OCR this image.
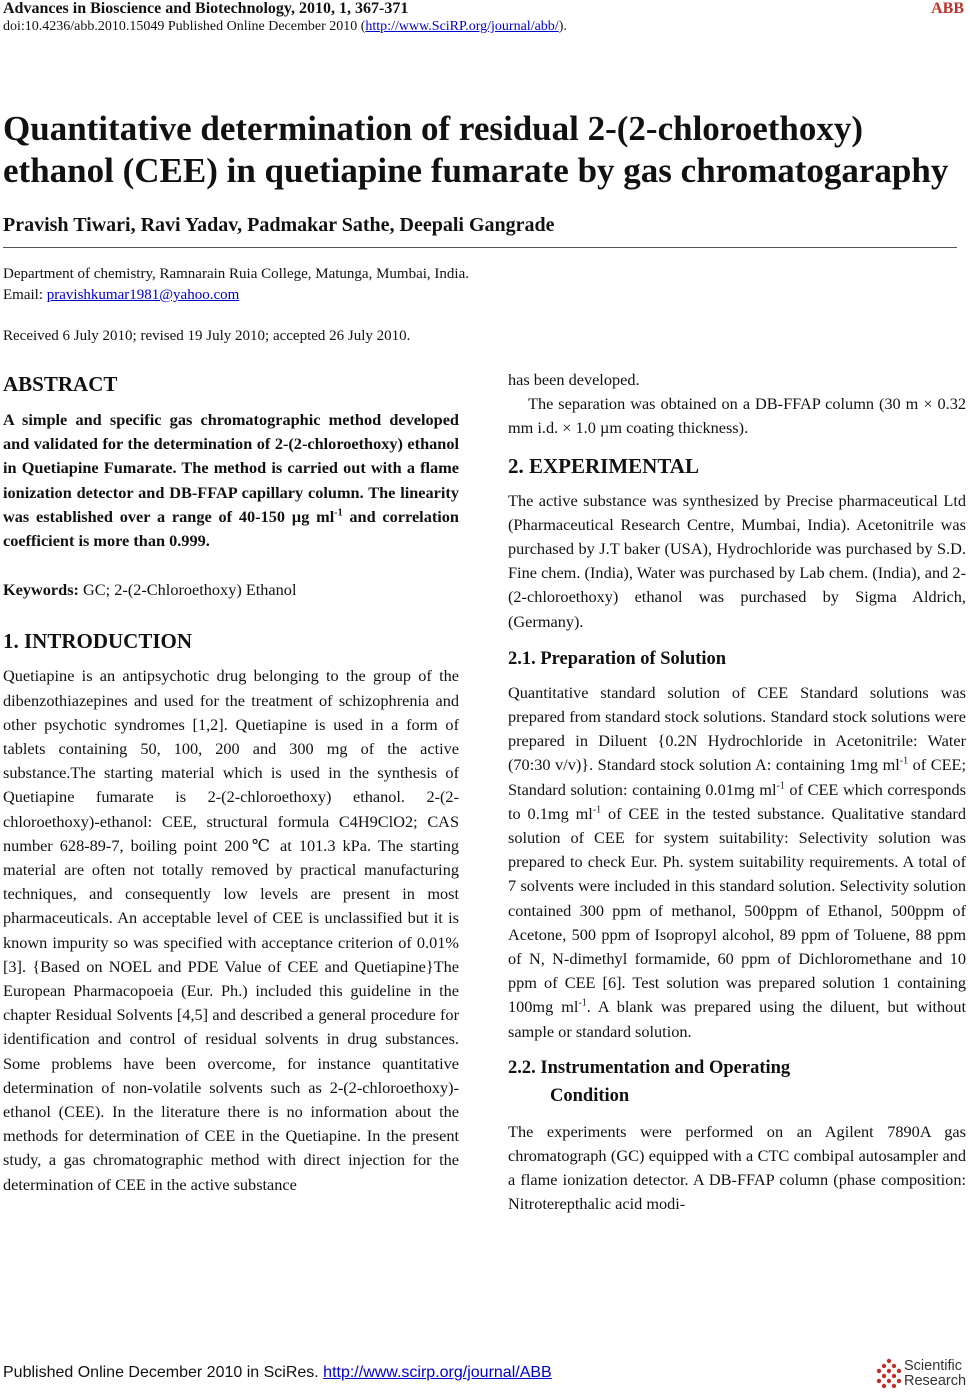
Advances in Bioscience and Biotechnology, 2010, 1, 367-371	ABB
doi:10.4236/abb.2010.15049 Published Online December 2010 (http://www.SciRP.org/journal/abb/).
Quantitative determination of residual 2-(2-chloroethoxy) ethanol (CEE) in quetiapine fumarate by gas chromatogaraphy
Pravish Tiwari, Ravi Yadav, Padmakar Sathe, Deepali Gangrade
Department of chemistry, Ramnarain Ruia College, Matunga, Mumbai, India.
Email: pravishkumar1981@yahoo.com
Received 6 July 2010; revised 19 July 2010; accepted 26 July 2010.
ABSTRACT

A simple and specific gas chromatographic method developed and validated for the determination of 2-(2-chloroethoxy) ethanol in Quetiapine Fumarate. The method is carried out with a flame ionization detector and DB-FFAP capillary column. The linearity was established over a range of 40-150 µg $ml^{-1}$ and correlation coefficient is more than 0.999.

Keywords: GC; 2-(2-Chloroethoxy) Ethanol

1. INTRODUCTION

Quetiapine is an antipsychotic drug belonging to the group of the dibenzothiazepines and used for the treatment of schizophrenia and other psychotic syndromes [1,2]. Quetiapine is used in a form of tablets containing 50, 100, 200 and 300 mg of the active substance.The starting material which is used in the synthesis of Quetiapine fumarate is 2-(2-chloroethoxy) ethanol. 2-(2-chloroethoxy)-ethanol: CEE, structural formula C4H9ClO2; CAS number 628-89-7, boiling point 200℃ at 101.3 kPa. The starting material are often not totally removed by practical manufacturing techniques, and consequently low levels are present in most pharmaceuticals. An acceptable level of CEE is unclassified but it is known impurity so was specified with acceptance criterion of 0.01% [3]. {Based on NOEL and PDE Value of CEE and Quetiapine}The European Pharmacopoeia (Eur. Ph.) included this guideline in the chapter Residual Solvents [4,5] and described a general procedure for identification and control of residual solvents in drug substances. Some problems have been overcome, for instance quantitative determination of non-volatile solvents such as 2-(2-chloroethoxy)-ethanol (CEE). In the literature there is no information about the methods for determination of CEE in the Quetiapine. In the present study, a gas chromatographic method with direct injection for the determination of CEE in the active substance

has been developed.

The separation was obtained on a DB-FFAP column (30 m × 0.32 mm i.d. × 1.0 µm coating thickness).

2. EXPERIMENTAL

The active substance was synthesized by Precise pharmaceutical Ltd (Pharmaceutical Research Centre, Mumbai, India). Acetonitrile was purchased by J.T baker (USA), Hydrochloride was purchased by S.D. Fine chem. (India), Water was purchased by Lab chem. (India), and 2-(2-chloroethoxy) ethanol was purchased by Sigma Aldrich, (Germany).

2.1. Preparation of Solution

Quantitative standard solution of CEE Standard solutions was prepared from standard stock solutions. Standard stock solutions were prepared in Diluent {0.2N Hydrochloride in Acetonitrile: Water (70:30 v/v)}. Standard stock solution A: containing 1mg $ml^{-1}$ of CEE; Standard solution: containing 0.01mg $ml^{-1}$ of CEE which corresponds to 0.1mg $ml^{-1}$ of CEE in the tested substance. Qualitative standard solution of CEE for system suitability: Selectivity solution was prepared to check Eur. Ph. system suitability requirements. A total of 7 solvents were included in this standard solution. Selectivity solution contained 300 ppm of methanol, 500ppm of Ethanol, 500ppm of Acetone, 500 ppm of Isopropyl alcohol, 89 ppm of Toluene, 88 ppm of N, N-dimethyl formamide, 60 ppm of Dichloromethane and 10 ppm of CEE [6]. Test solution was prepared solution 1 containing 100mg $ml^{-1}$. A blank was prepared using the diluent, but without sample or standard solution.

2.2. Instrumentation and Operating
Condition

The experiments were performed on an Agilent 7890A gas chromatograph (GC) equipped with a CTC combipal autosampler and a flame ionization detector. A DB-FFAP column (phase composition: Nitroterepthalic acid modi-

Published Online December 2010 in SciRes. http://www.scirp.org/journal/ABB	Scientific
Research
